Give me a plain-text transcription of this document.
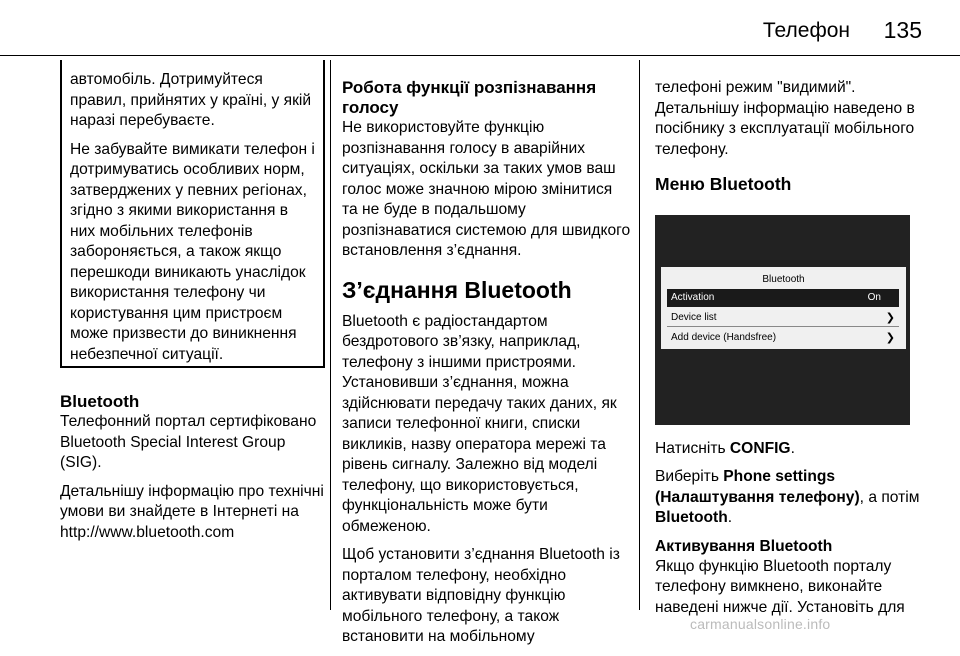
Телефон 135

автомобіль. Дотримуйтеся правил, прийнятих у країні, у якій наразі перебуваєте.

Не забувайте вимикати телефон і дотримуватись особливих норм, затверджених у певних регіонах, згідно з якими використання в них мобільних телефонів забороняється, а також якщо перешкоди виникають унаслідок використання телефону чи користування цим пристроєм може призвести до виникнення небезпечної ситуації.

Bluetooth

Телефонний портал сертифіковано Bluetooth Special Interest Group (SIG).

Детальнішу інформацію про технічні умови ви знайдете в Інтернеті на http://www.bluetooth.com

Робота функції розпізнавання голосу

Не використовуйте функцію розпізнавання голосу в аварійних ситуаціях, оскільки за таких умов ваш голос може значною мірою змінитися та не буде в подальшому розпізнаватися системою для швидкого встановлення з’єднання.

З’єднання Bluetooth

Bluetooth є радіостандартом бездротового зв’язку, наприклад, телефону з іншими пристроями. Установивши з’єднання, можна здійснювати передачу таких даних, як записи телефонної книги, списки викликів, назву оператора мережі та рівень сигналу. Залежно від моделі телефону, що використовується, функціональність може бути обмеженою.

Щоб установити з’єднання Bluetooth із порталом телефону, необхідно активувати відповідну функцію мобільного телефону, а також встановити на мобільному

телефоні режим "видимий". Детальнішу інформацію наведено в посібнику з експлуатації мобільного телефону.

Меню Bluetooth
Bluetooth
Activation	On
Device list	❯
Add device (Handsfree)	❯

Натисніть CONFIG.

Виберіть Phone settings (Налаштування телефону), а потім Bluetooth.

Активування Bluetooth

Якщо функцію Bluetooth порталу телефону вимкнено, виконайте наведені нижче дії. Установіть для

carmanualsonline.info
